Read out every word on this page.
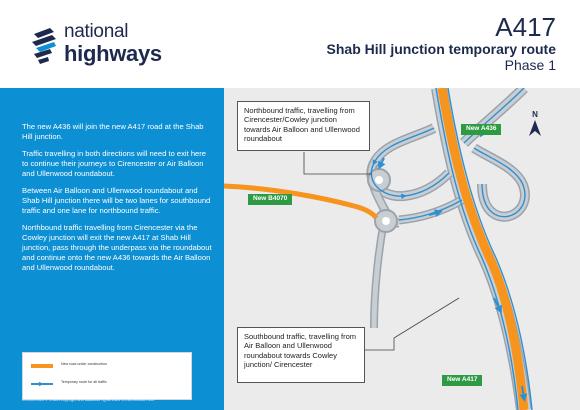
national
highways
A417
Shab Hill junction temporary route
Phase 1

The new A436 will join the new A417 road at the Shab Hill junction.

Traffic travelling in both directions will need to exit here to continue their journeys to Cirencester or Air Balloon and Ullenwood roundabout.

Between Air Balloon and Ullenwood roundabout and Shab Hill junction there will be two lanes for southbound traffic and one lane for northbound traffic.

Northbound traffic travelling from Cirencester via the Cowley junction will exit the new A417 at Shab Hill junction, pass through the underpass via the roundabout and continue onto the new A436 towards the Air Balloon and Ullenwood roundabout.

New road under construction
Temporary route for all traffic
CRE25-0003 © Crown copyright and database rights 2025 OS AC0000827444
Northbound traffic, travelling from Cirencester/Cowley junction towards Air Balloon and Ullenwood roundabout
Southbound traffic, travelling from Air Balloon and Ullenwood roundabout towards Cowley junction/ Cirencester
New A436
New B4070
New A417
N
